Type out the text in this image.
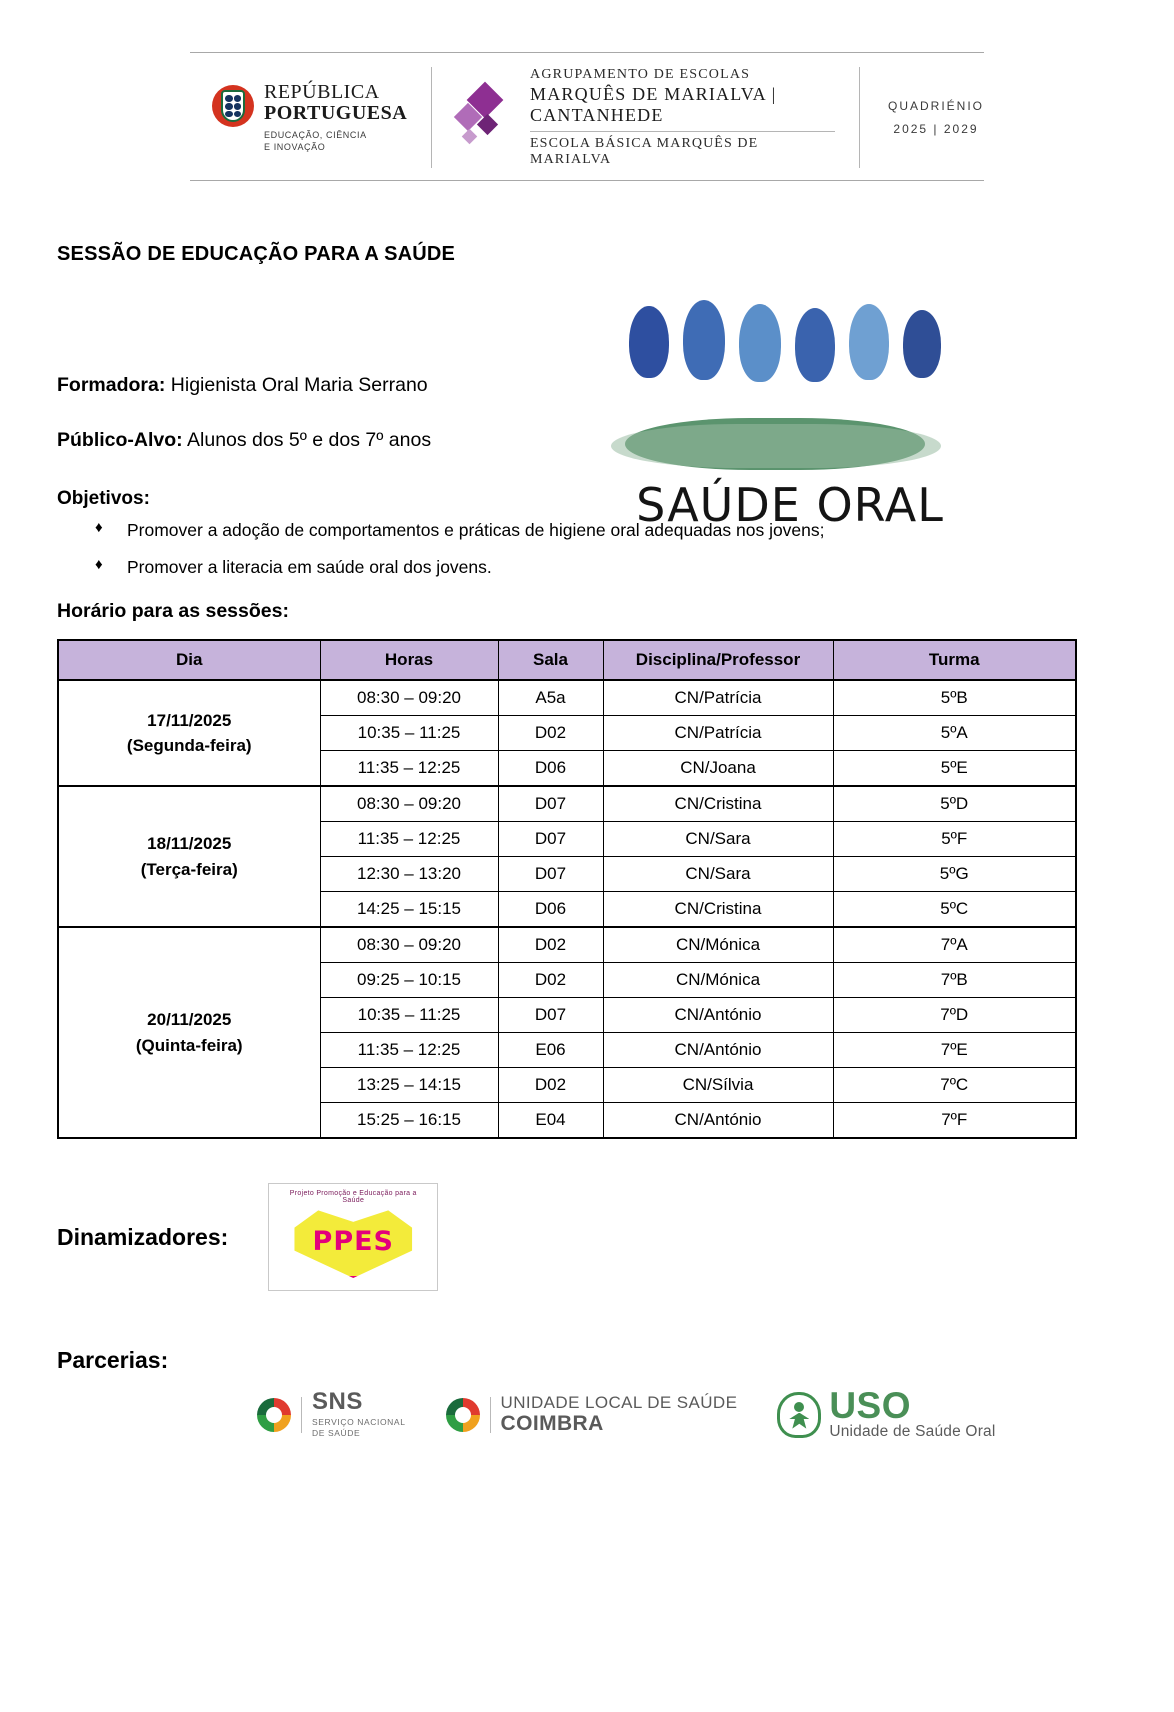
REPÚBLICA
PORTUGUESA
EDUCAÇÃO, CIÊNCIA
E INOVAÇÃO
AGRUPAMENTO DE ESCOLAS
MARQUÊS DE MARIALVA | CANTANHEDE
ESCOLA BÁSICA MARQUÊS DE MARIALVA
QUADRIÉNIO
2025 | 2029
SAÚDE ORAL
SESSÃO DE EDUCAÇÃO PARA A SAÚDE
Formadora: Higienista Oral Maria Serrano
Público-Alvo: Alunos dos 5º e dos 7º anos
Objetivos:
♦ Promover a adoção de comportamentos e práticas de higiene oral adequadas nos jovens;
♦ Promover a literacia em saúde oral dos jovens.
Horário para as sessões:
Dia	Horas	Sala	Disciplina/Professor	Turma

17/11/2025
(Segunda-feira)	08:30 – 09:20	A5a	CN/Patrícia	5ºB
	10:35 – 11:25	D02	CN/Patrícia	5ºA
	11:35 – 12:25	D06	CN/Joana	5ºE

18/11/2025
(Terça-feira)	08:30 – 09:20	D07	CN/Cristina	5ºD
	11:35 – 12:25	D07	CN/Sara	5ºF
	12:30 – 13:20	D07	CN/Sara	5ºG
	14:25 – 15:15	D06	CN/Cristina	5ºC

20/11/2025
(Quinta-feira)	08:30 – 09:20	D02	CN/Mónica	7ºA
	09:25 – 10:15	D02	CN/Mónica	7ºB
	10:35 – 11:25	D07	CN/António	7ºD
	11:35 – 12:25	E06	CN/António	7ºE
	13:25 – 14:15	D02	CN/Sílvia	7ºC
	15:25 – 16:15	E04	CN/António	7ºF
Dinamizadores:
Projeto Promoção e Educação para a Saúde
PPES
Parcerias:
SNS
SERVIÇO NACIONAL
DE SAÚDE
UNIDADE LOCAL DE SAÚDE
COIMBRA	USO
Unidade de Saúde Oral
